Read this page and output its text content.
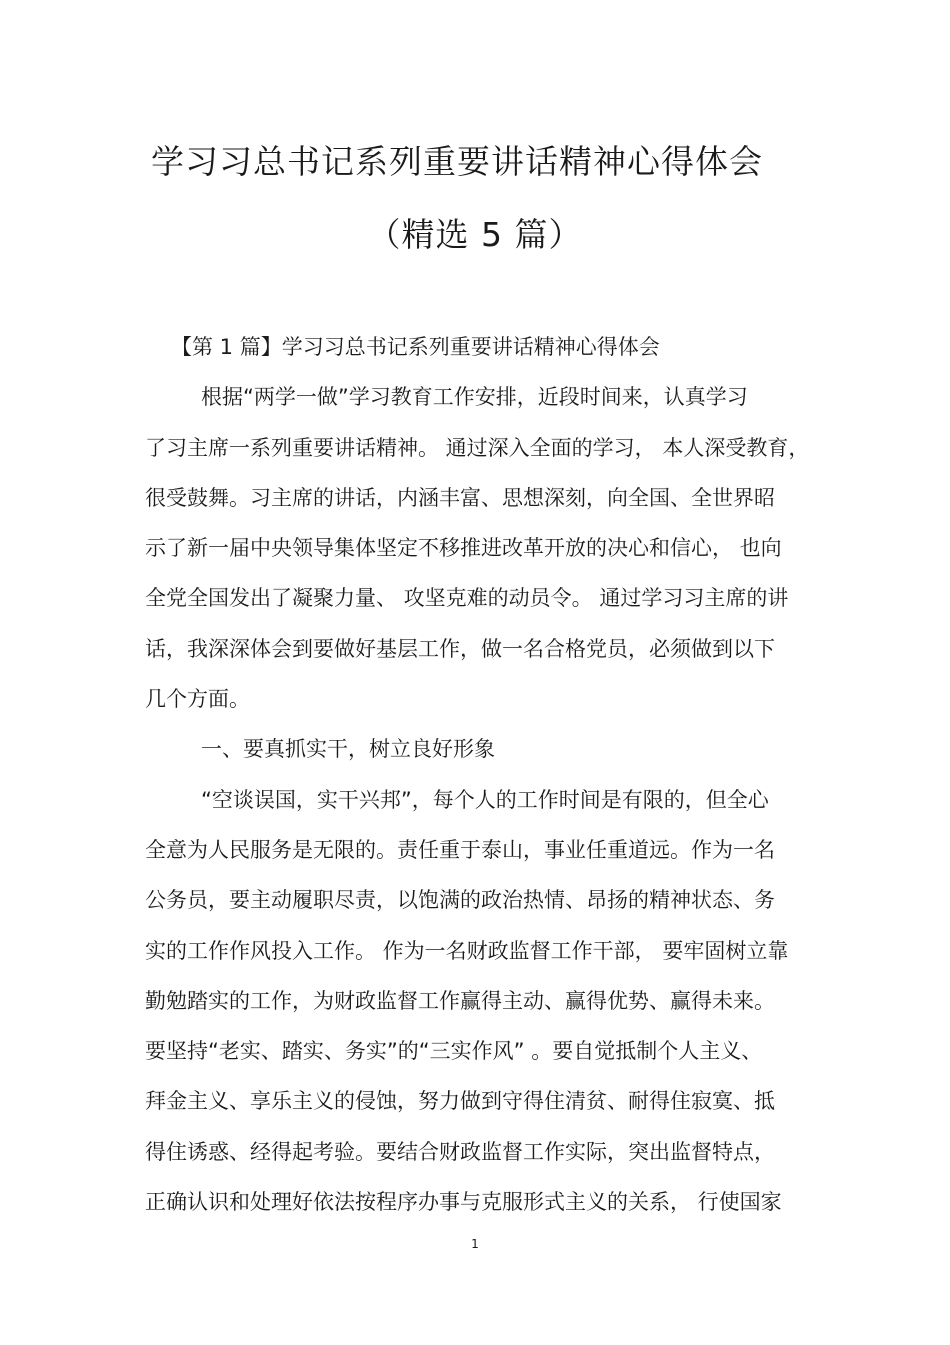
学习习总书记系列重要讲话精神心得体会
（精选 5 篇）
【第 1 篇】学习习总书记系列重要讲话精神心得体会
根据“两学一做”学习教育工作安排，近段时间来，认真学习
了习主席一系列重要讲话精神。 通过深入全面的学习， 本人深受教育，
很受鼓舞。习主席的讲话，内涵丰富、思想深刻，向全国、全世界昭
示了新一届中央领导集体坚定不移推进改革开放的决心和信心， 也向
全党全国发出了凝聚力量、 攻坚克难的动员令。 通过学习习主席的讲
话，我深深体会到要做好基层工作，做一名合格党员，必须做到以下
几个方面。
一、要真抓实干，树立良好形象
“空谈误国，实干兴邦”，每个人的工作时间是有限的，但全心
全意为人民服务是无限的。责任重于泰山，事业任重道远。作为一名
公务员，要主动履职尽责，以饱满的政治热情、昂扬的精神状态、务
实的工作作风投入工作。 作为一名财政监督工作干部， 要牢固树立靠
勤勉踏实的工作，为财政监督工作赢得主动、赢得优势、赢得未来。
要坚持“老实、踏实、务实”的“三实作风” 。要自觉抵制个人主义、
拜金主义、享乐主义的侵蚀，努力做到守得住清贫、耐得住寂寞、抵
得住诱惑、经得起考验。要结合财政监督工作实际，突出监督特点，
正确认识和处理好依法按程序办事与克服形式主义的关系， 行使国家
1
